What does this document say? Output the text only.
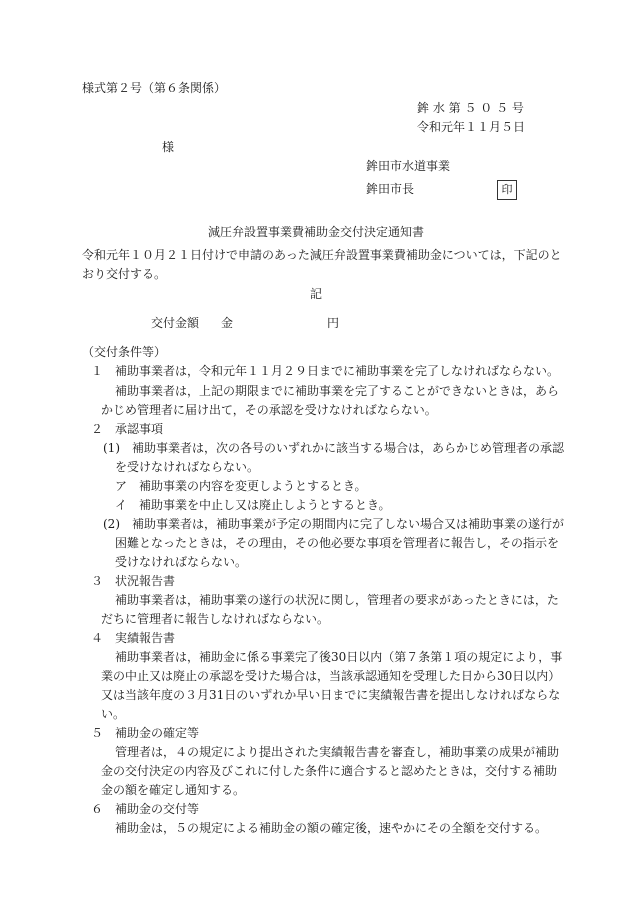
様式第２号（第６条関係）
鉾 水 第 ５ ０ ５ 号
令和元年１１月５日
様
鉾田市水道事業
鉾田市長	印
減圧弁設置事業費補助金交付決定通知書
令和元年１０月２１日付けで申請のあった減圧弁設置事業費補助金については，下記のと
おり交付する。
記
交付金額 金	円
（交付条件等）
１　補助事業者は，令和元年１１月２９日までに補助事業を完了しなければならない。
補助事業者は，上記の期限までに補助事業を完了することができないときは，あら
かじめ管理者に届け出て，その承認を受けなければならない。
２　承認事項
(1)　補助事業者は，次の各号のいずれかに該当する場合は，あらかじめ管理者の承認
を受けなければならない。
ア　補助事業の内容を変更しようとするとき。
イ　補助事業を中止し又は廃止しようとするとき。
(2)　補助事業者は，補助事業が予定の期間内に完了しない場合又は補助事業の遂行が
困難となったときは，その理由，その他必要な事項を管理者に報告し，その指示を
受けなければならない。
３　状況報告書
補助事業者は，補助事業の遂行の状況に関し，管理者の要求があったときには，た
だちに管理者に報告しなければならない。
４　実績報告書
補助事業者は，補助金に係る事業完了後30日以内（第７条第１項の規定により，事
業の中止又は廃止の承認を受けた場合は，当該承認通知を受理した日から30日以内）
又は当該年度の３月31日のいずれか早い日までに実績報告書を提出しなければならな
い。
５　補助金の確定等
管理者は，４の規定により提出された実績報告書を審査し，補助事業の成果が補助
金の交付決定の内容及びこれに付した条件に適合すると認めたときは，交付する補助
金の額を確定し通知する。
６　補助金の交付等
補助金は，５の規定による補助金の額の確定後，速やかにその全額を交付する。
